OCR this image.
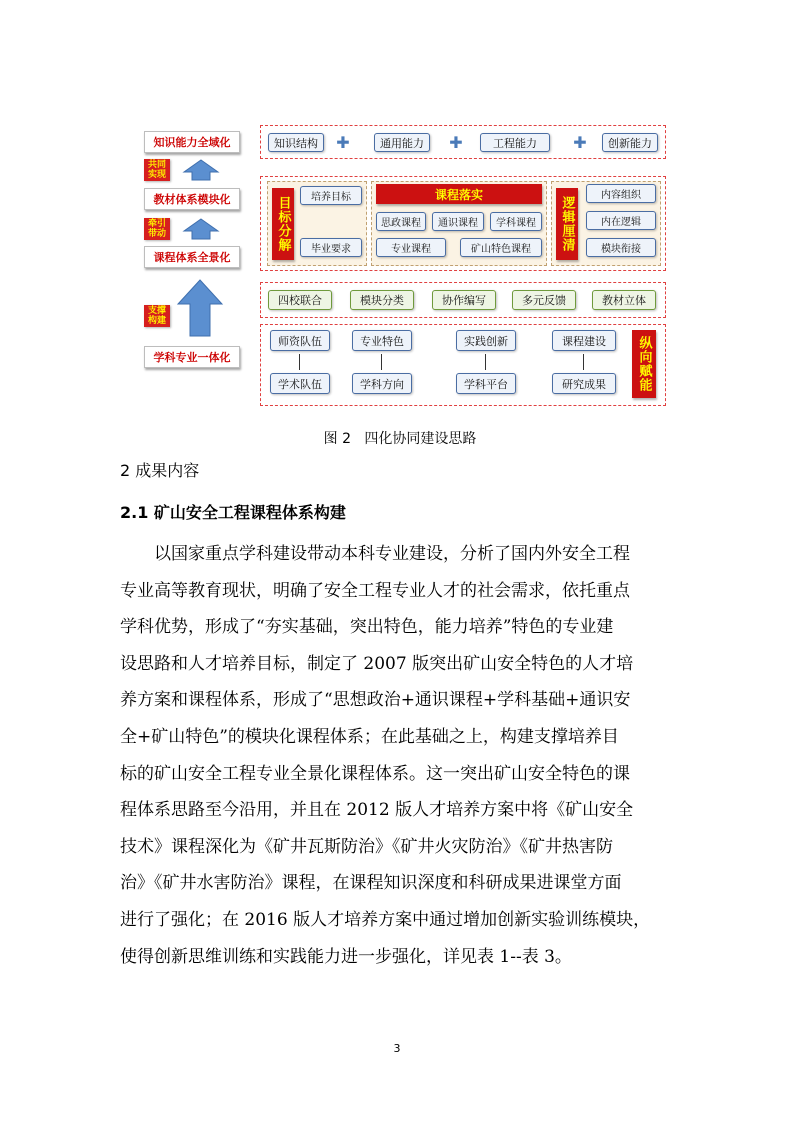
知识能力全域化
共同
实现
教材体系模块化
牵引
带动
课程体系全景化
支撑
构建
学科专业一体化
知识结构	✚	通用能力	✚	工程能力	✚	创新能力
目标分解	培养目标
毕业要求
课程落实
思政课程	通识课程	学科课程
专业课程	矿山特色课程	逻辑厘清
内容组织
内在逻辑
模块衔接
四校联合	模块分类	协作编写	多元反馈	教材立体
师资队伍	专业特色	实践创新	课程建设
学术队伍	学科方向	学科平台	研究成果	纵向赋能
图 2   四化协同建设思路
2 成果内容
2.1 矿山安全工程课程体系构建

以国家重点学科建设带动本科专业建设，分析了国内外安全工程

专业高等教育现状，明确了安全工程专业人才的社会需求，依托重点

学科优势，形成了“夯实基础，突出特色，能力培养”特色的专业建

设思路和人才培养目标，制定了 2007 版突出矿山安全特色的人才培

养方案和课程体系，形成了“思想政治+通识课程+学科基础+通识安

全+矿山特色”的模块化课程体系；在此基础之上，构建支撑培养目

标的矿山安全工程专业全景化课程体系。这一突出矿山安全特色的课

程体系思路至今沿用，并且在 2012 版人才培养方案中将《矿山安全

技术》课程深化为《矿井瓦斯防治》《矿井火灾防治》《矿井热害防

治》《矿井水害防治》课程，在课程知识深度和科研成果进课堂方面

进行了强化；在 2016 版人才培养方案中通过增加创新实验训练模块，

使得创新思维训练和实践能力进一步强化，详见表 1--表 3。

3
